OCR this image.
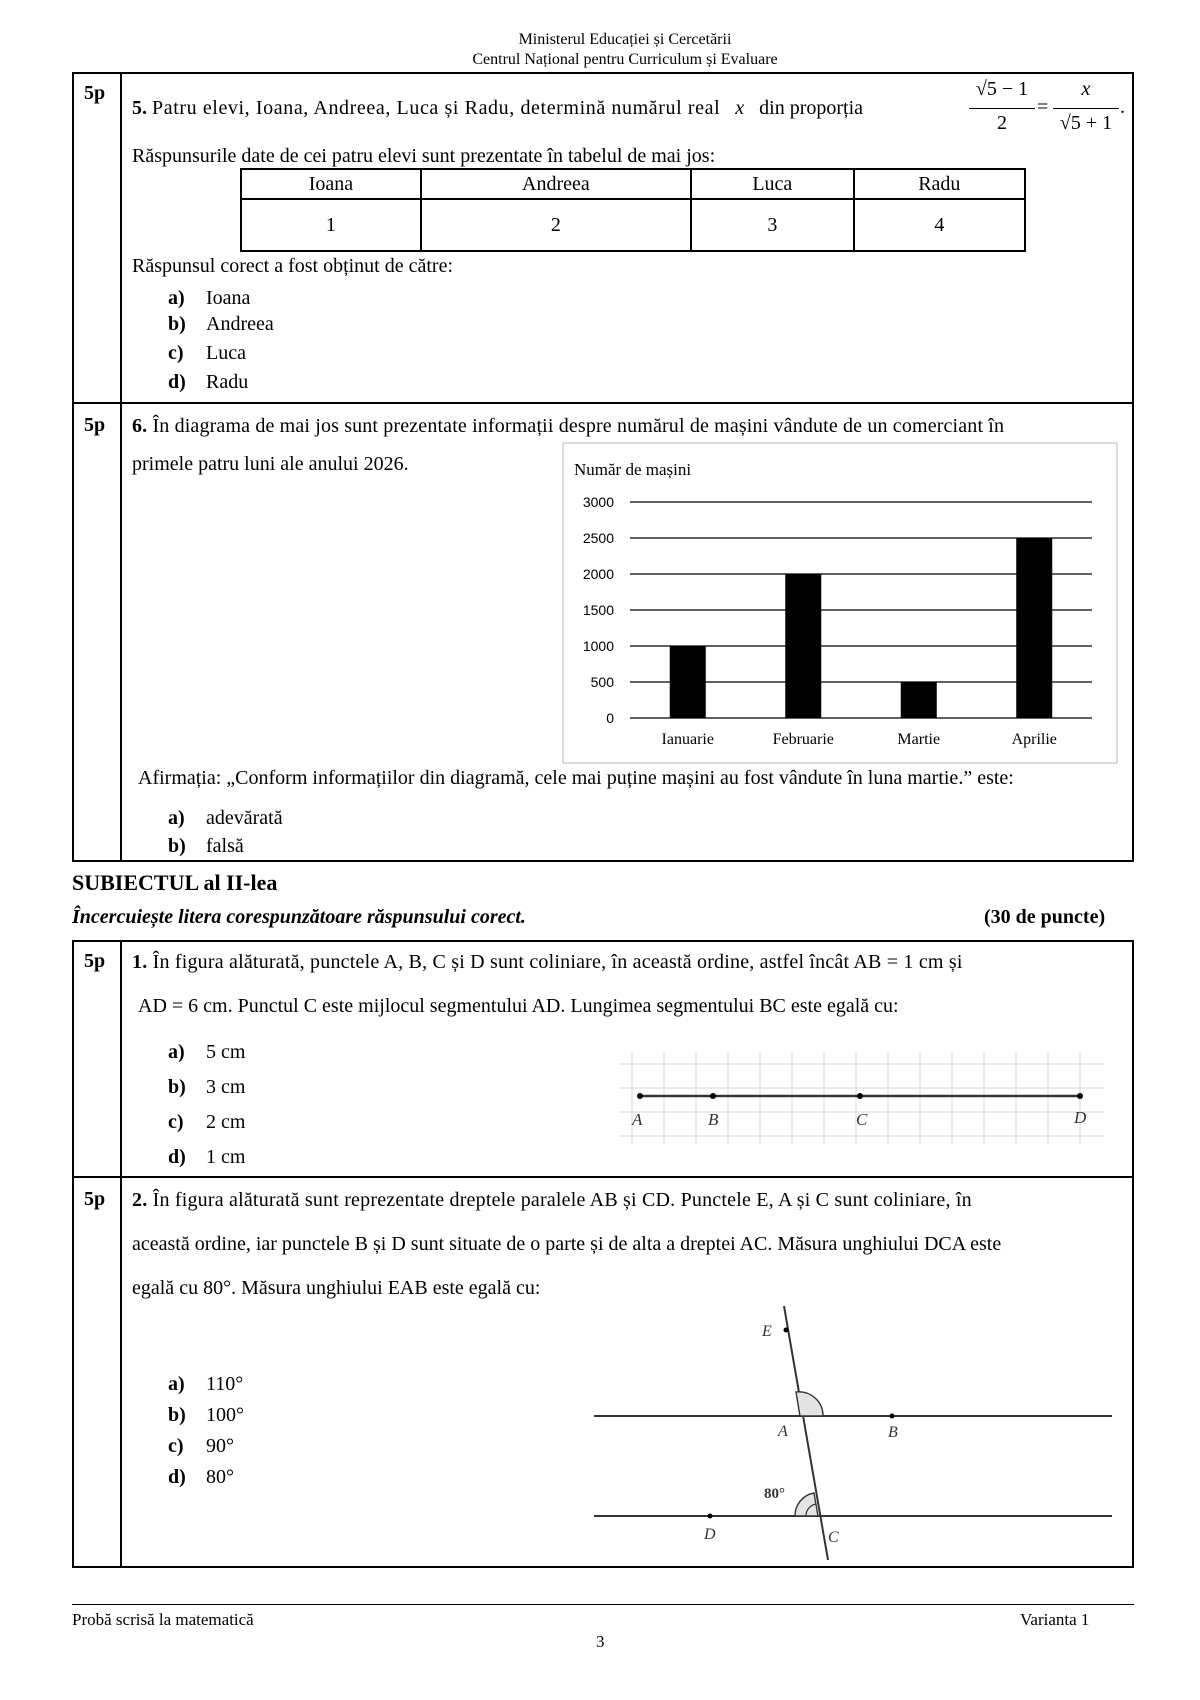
Ministerul Educației și Cercetării
Centrul Național pentru Curriculum și Evaluare
5p
5. Patru elevi, Ioana, Andreea, Luca și Radu, determină numărul real x din proporția
√5 − 1
2
=
x
√5 + 1
.
Răspunsurile date de cei patru elevi sunt prezentate în tabelul de mai jos:
Ioana	Andreea	Luca	Radu
1	2	3	4
Răspunsul corect a fost obținut de către:
a) Ioana
b) Andreea
c) Luca
d) Radu
5p 6. În diagrama de mai jos sunt prezentate informații despre numărul de mașini vândute de un comerciant în
primele patru luni ale anului 2026.	Număr de mașini
0
500
1000
1500
2000
2500
3000
Ianuarie	Februarie	Martie	Aprilie
Afirmația: „Conform informațiilor din diagramă, cele mai puține mașini au fost vândute în luna martie.” este:
a) adevărată
b) falsă
SUBIECTUL al II-lea
Încercuiește litera corespunzătoare răspunsului corect.	(30 de puncte)
5p 1. În figura alăturată, punctele A, B, C și D sunt coliniare, în această ordine, astfel încât AB = 1 cm și
AD = 6 cm. Punctul C este mijlocul segmentului AD. Lungimea segmentului BC este egală cu:
a) 5 cm
b) 3 cm
c) 2 cm
d) 1 cm
A	B	C	D
5p 2. În figura alăturată sunt reprezentate dreptele paralele AB și CD. Punctele E, A și C sunt coliniare, în
această ordine, iar punctele B și D sunt situate de o parte și de alta a dreptei AC. Măsura unghiului DCA este
egală cu 80°. Măsura unghiului EAB este egală cu:
a) 110°
b) 100°
c) 90°
d) 80°
E
A	B
D	C
80°
Probă scrisă la matematică	Varianta 1
3
